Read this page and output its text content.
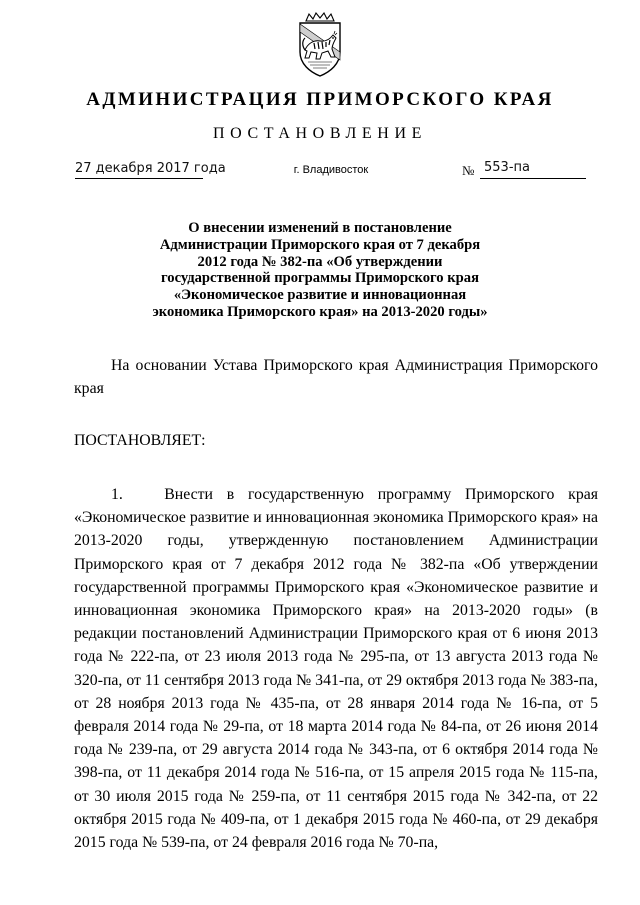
АДМИНИСТРАЦИЯ ПРИМОРСКОГО КРАЯ
ПОСТАНОВЛЕНИЕ
27 декабря 2017 года	г. Владивосток	№ 553-па
О внесении изменений в постановление
Администрации Приморского края от 7 декабря
2012 года № 382-па «Об утверждении
государственной программы Приморского края
«Экономическое развитие и инновационная
экономика Приморского края» на 2013-2020 годы»
На основании Устава Приморского края Администрация Приморского края
ПОСТАНОВЛЯЕТ:
1.   Внести в государственную программу Приморского края «Экономическое развитие и инновационная экономика Приморского края» на 2013-2020 годы, утвержденную постановлением Администрации Приморского края от 7 декабря 2012 года № 382-па «Об утверждении государственной программы Приморского края «Экономическое развитие и инновационная экономика Приморского края» на 2013-2020 годы» (в редакции постановлений Администрации Приморского края от 6 июня 2013 года № 222-па, от 23 июля 2013 года № 295-па, от 13 августа 2013 года № 320-па, от 11 сентября 2013 года № 341-па, от 29 октября 2013 года № 383-па, от 28 ноября 2013 года № 435-па, от 28 января 2014 года № 16-па, от 5 февраля 2014 года № 29-па, от 18 марта 2014 года № 84-па, от 26 июня 2014 года № 239-па, от 29 августа 2014 года № 343-па, от 6 октября 2014 года № 398-па, от 11 декабря 2014 года № 516-па, от 15 апреля 2015 года № 115-па, от 30 июля 2015 года № 259-па, от 11 сентября 2015 года № 342-па, от 22 октября 2015 года № 409-па, от 1 декабря 2015 года № 460-па, от 29 декабря 2015 года № 539-па, от 24 февраля 2016 года № 70-па,
